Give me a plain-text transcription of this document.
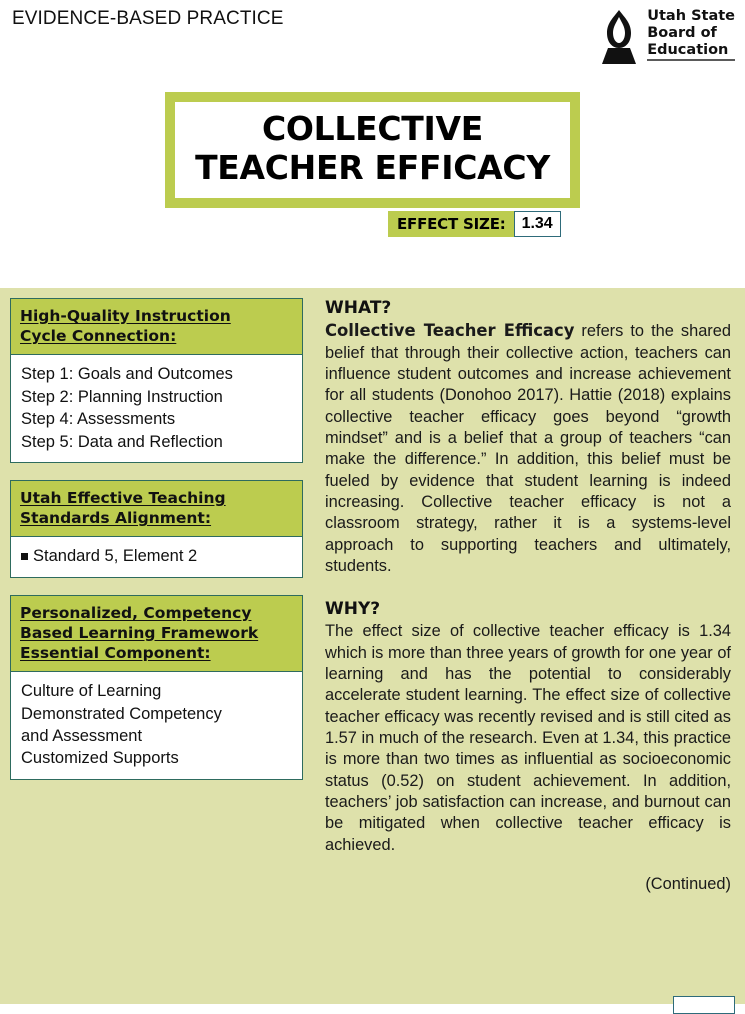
EVIDENCE-BASED PRACTICE	Utah State
Board of
Education
COLLECTIVE
TEACHER EFFICACY
EFFECT SIZE:	1.34
High-Quality Instruction
Cycle Connection:
Step 1: Goals and Outcomes
Step 2: Planning Instruction
Step 4: Assessments
Step 5: Data and Reflection
Utah Effective Teaching
Standards Alignment:
Standard 5, Element 2
Personalized, Competency
Based Learning Framework
Essential Component:
Culture of Learning
Demonstrated Competency
and Assessment
Customized Supports
WHAT?

Collective Teacher Efficacy refers to the shared belief that through their collective action, teachers can influence student outcomes and increase achievement for all students (Donohoo 2017). Hattie (2018) explains collective teacher efficacy goes beyond “growth mindset” and is a belief that a group of teachers “can make the difference.” In addition, this belief must be fueled by evidence that student learning is indeed increasing. Collective teacher efficacy is not a classroom strategy, rather it is a systems-level approach to supporting teachers and ultimately, students.

WHY?

The effect size of collective teacher efficacy is 1.34 which is more than three years of growth for one year of learning and has the potential to considerably accelerate student learning. The effect size of collective teacher efficacy was recently revised and is still cited as 1.57 in much of the research. Even at 1.34, this practice is more than two times as influential as socioeconomic status (0.52) on student achievement. In addition, teachers’ job satisfaction can increase, and burnout can be mitigated when collective teacher efficacy is achieved.

(Continued)
